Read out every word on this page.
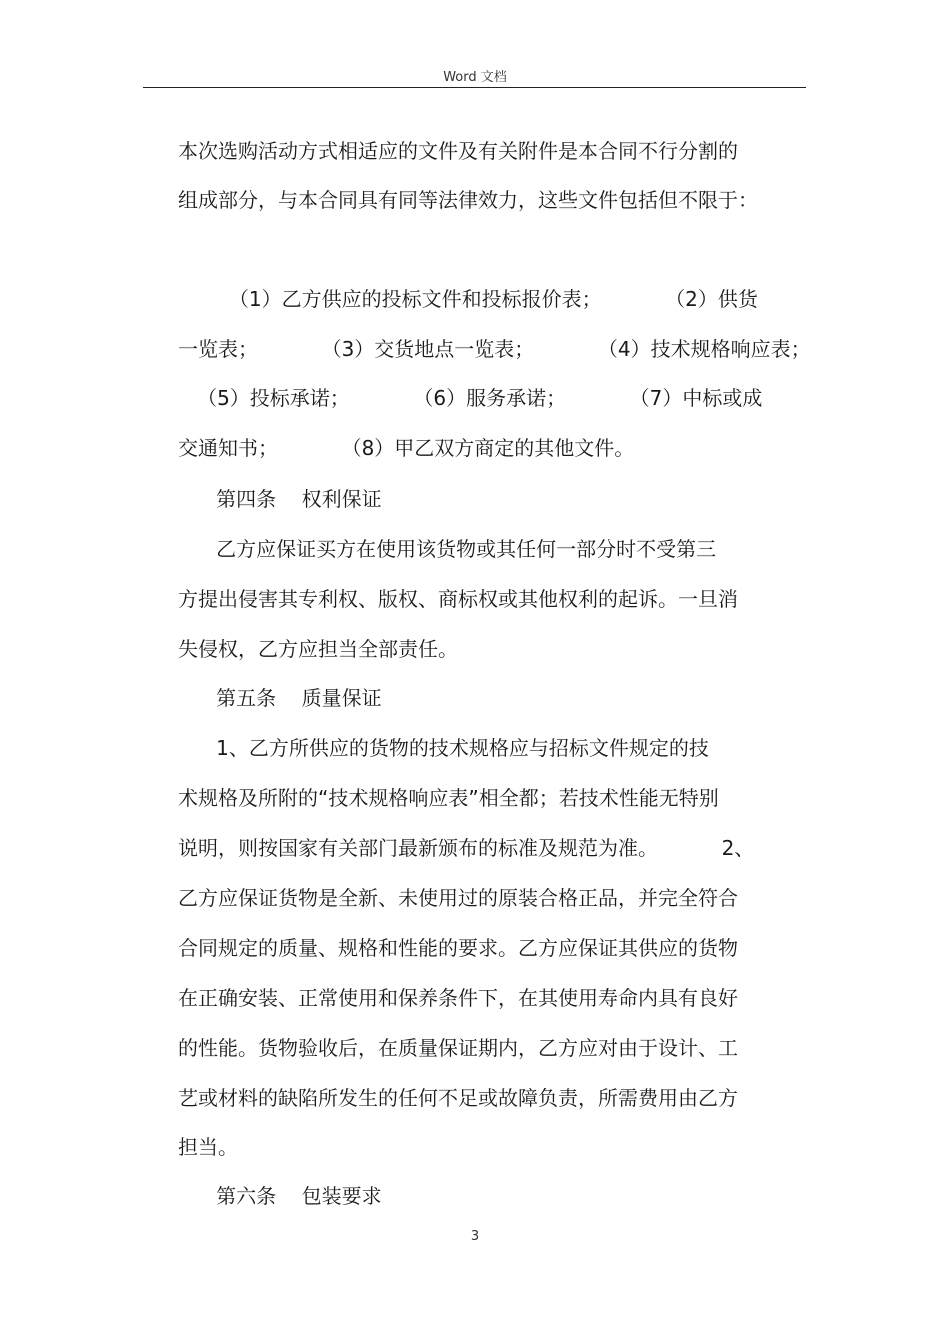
Word 文档
本次选购活动方式相适应的文件及有关附件是本合同不行分割的
组成部分，与本合同具有同等法律效力，这些文件包括但不限于：
（1）乙方供应的投标文件和投标报价表；          （2）供货
一览表；          （3）交货地点一览表；          （4）技术规格响应表；
（5）投标承诺；          （6）服务承诺；          （7）中标或成
交通知书；          （8）甲乙双方商定的其他文件。
第四条    权利保证
乙方应保证买方在使用该货物或其任何一部分时不受第三
方提出侵害其专利权、版权、商标权或其他权利的起诉。一旦消
失侵权，乙方应担当全部责任。
第五条    质量保证
1、乙方所供应的货物的技术规格应与招标文件规定的技
术规格及所附的“技术规格响应表”相全都；若技术性能无特别
说明，则按国家有关部门最新颁布的标准及规范为准。          2、
乙方应保证货物是全新、未使用过的原装合格正品，并完全符合
合同规定的质量、规格和性能的要求。乙方应保证其供应的货物
在正确安装、正常使用和保养条件下，在其使用寿命内具有良好
的性能。货物验收后，在质量保证期内，乙方应对由于设计、工
艺或材料的缺陷所发生的任何不足或故障负责，所需费用由乙方
担当。
第六条    包装要求
3
